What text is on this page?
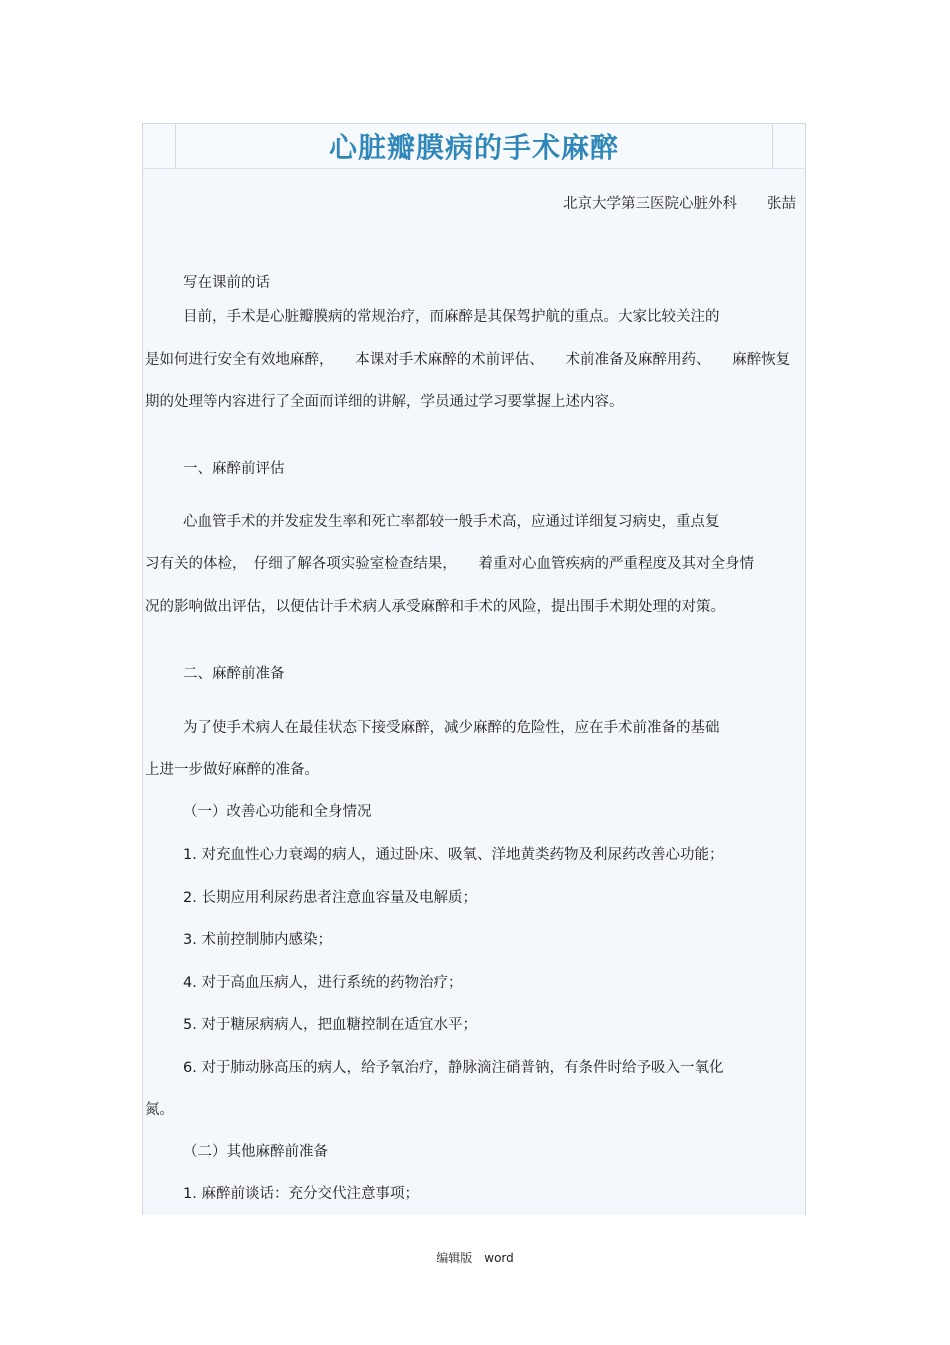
心脏瓣膜病的手术麻醉
北京大学第三医院心脏外科 张喆
写在课前的话
目前，手术是心脏瓣膜病的常规治疗，而麻醉是其保驾护航的重点。大家比较关注的
是如何进行安全有效地麻醉，　　本课对手术麻醉的术前评估、　　术前准备及麻醉用药、　　麻醉恢复
期的处理等内容进行了全面而详细的讲解，学员通过学习要掌握上述内容。
一、麻醉前评估
心血管手术的并发症发生率和死亡率都较一般手术高，应通过详细复习病史，重点复
习有关的体检，　仔细了解各项实验室检查结果，　　着重对心血管疾病的严重程度及其对全身情
况的影响做出评估，以便估计手术病人承受麻醉和手术的风险，提出围手术期处理的对策。
二、麻醉前准备
为了使手术病人在最佳状态下接受麻醉，减少麻醉的危险性，应在手术前准备的基础
上进一步做好麻醉的准备。
（一）改善心功能和全身情况
1. 对充血性心力衰竭的病人，通过卧床、吸氧、洋地黄类药物及利尿药改善心功能；
2. 长期应用利尿药患者注意血容量及电解质；
3. 术前控制肺内感染；
4. 对于高血压病人，进行系统的药物治疗；
5. 对于糖尿病病人，把血糖控制在适宜水平；
6. 对于肺动脉高压的病人，给予氧治疗，静脉滴注硝普钠，有条件时给予吸入一氧化
氮。
（二）其他麻醉前准备
1. 麻醉前谈话：充分交代注意事项；
编辑版　word
